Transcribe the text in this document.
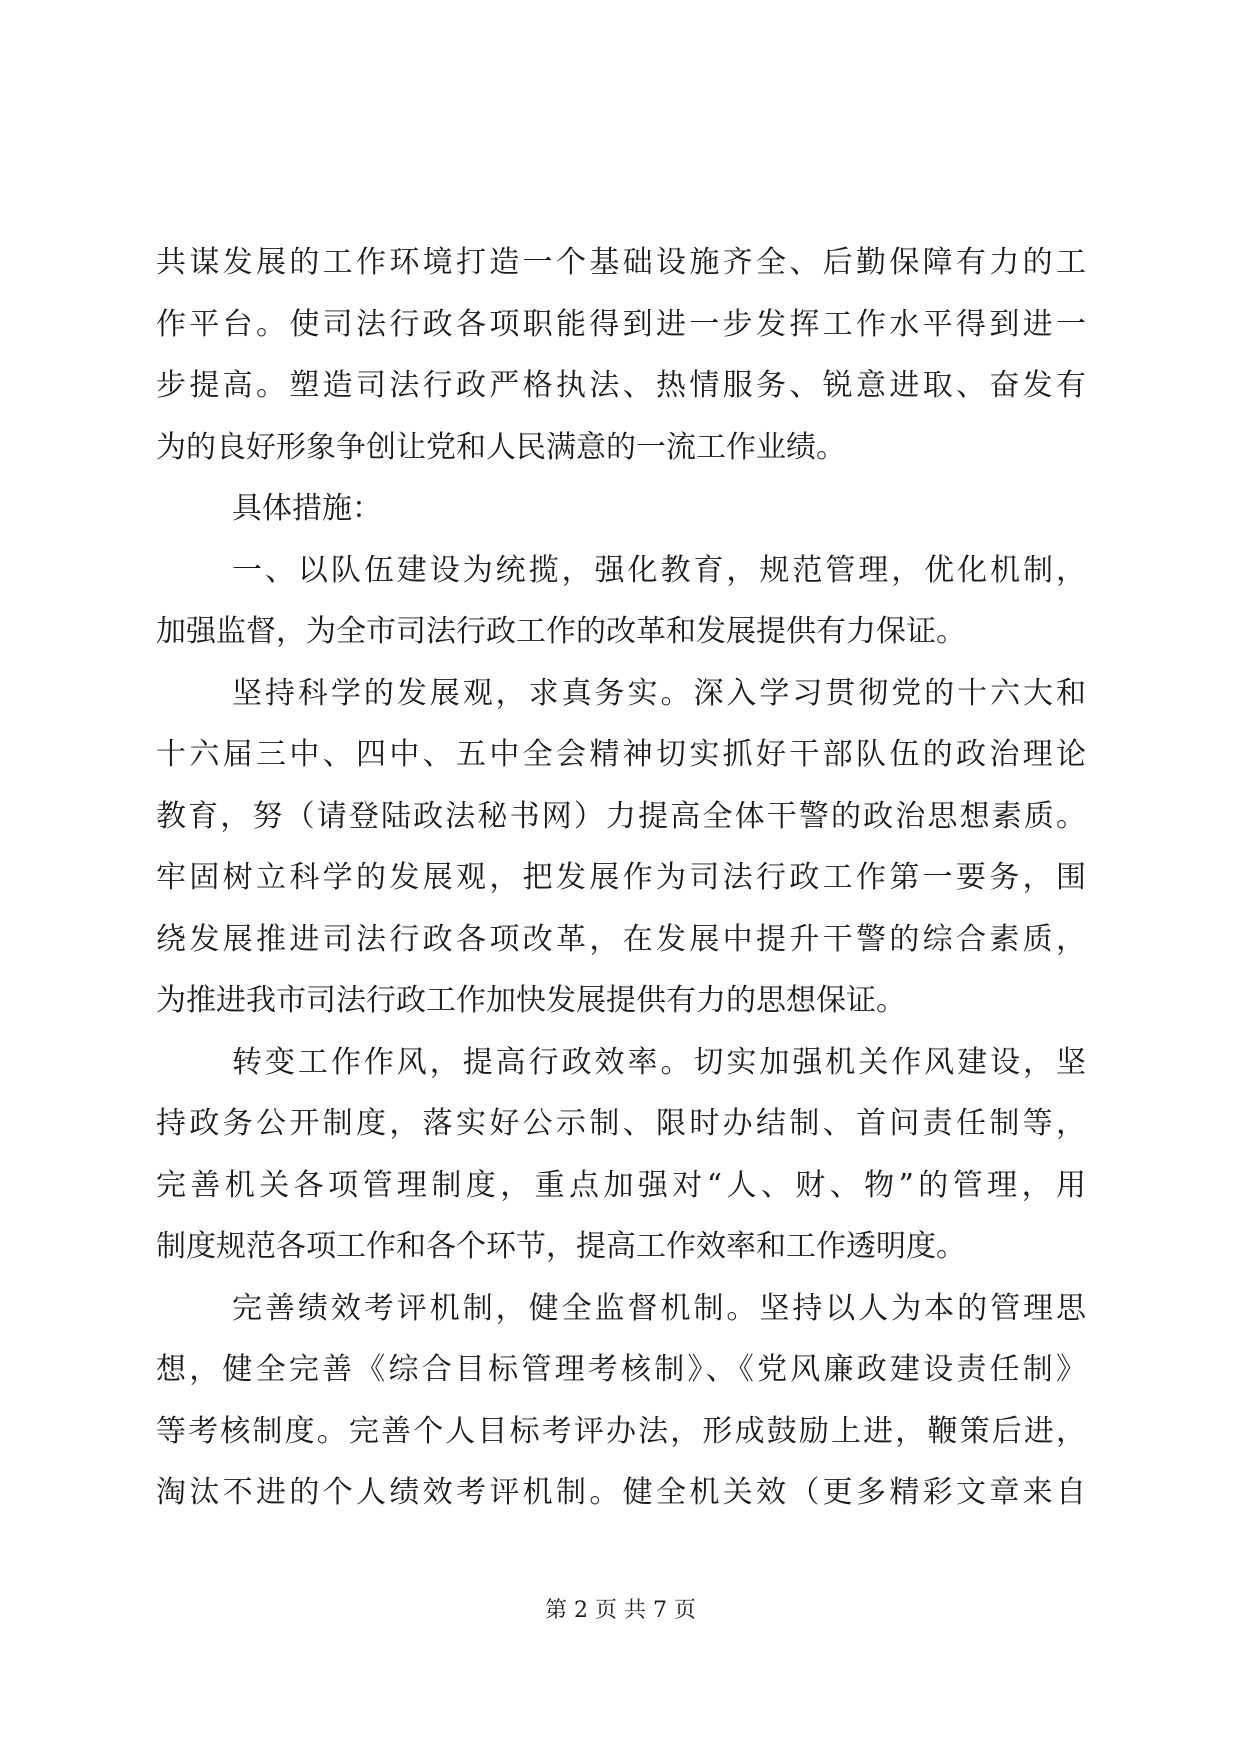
共谋发展的工作环境打造一个基础设施齐全、后勤保障有力的工
作平台。使司法行政各项职能得到进一步发挥工作水平得到进一
步提高。塑造司法行政严格执法、热情服务、锐意进取、奋发有
为的良好形象争创让党和人民满意的一流工作业绩。
具体措施：
一、以队伍建设为统揽，强化教育，规范管理，优化机制，
加强监督，为全市司法行政工作的改革和发展提供有力保证。
坚持科学的发展观，求真务实。深入学习贯彻党的十六大和
十六届三中、四中、五中全会精神切实抓好干部队伍的政治理论
教育，努（请登陆政法秘书网）力提高全体干警的政治思想素质。
牢固树立科学的发展观，把发展作为司法行政工作第一要务，围
绕发展推进司法行政各项改革，在发展中提升干警的综合素质，
为推进我市司法行政工作加快发展提供有力的思想保证。
转变工作作风，提高行政效率。切实加强机关作风建设，坚
持政务公开制度，落实好公示制、限时办结制、首问责任制等，
完善机关各项管理制度，重点加强对“人、财、物”的管理，用
制度规范各项工作和各个环节，提高工作效率和工作透明度。
完善绩效考评机制，健全监督机制。坚持以人为本的管理思
想，健全完善《综合目标管理考核制》、《党风廉政建设责任制》
等考核制度。完善个人目标考评办法，形成鼓励上进，鞭策后进，
淘汰不进的个人绩效考评机制。健全机关效（更多精彩文章来自
第 2 页 共 7 页
